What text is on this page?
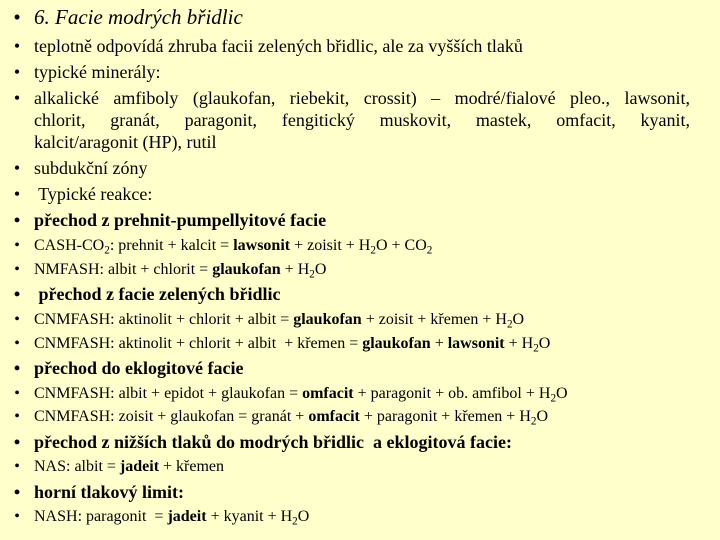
• 6. Facie modrých břidlic
• teplotně odpovídá zhruba facii zelených břidlic, ale za vyšších tlaků
• typické minerály:
• alkalické amfiboly (glaukofan, riebekit, crossit) – modré/fialové pleo., lawsonit,
chlorit, granát, paragonit, fengitický muskovit, mastek, omfacit, kyanit,
kalcit/aragonit (HP), rutil
• subdukční zóny
• Typické reakce:
• přechod z prehnit-pumpellyitové facie
• CASH-$CO_2$: prehnit + kalcit = lawsonit + zoisit + $H_2O + CO_2$
• NMFASH: albit + chlorit = glaukofan + $H_2O$
• přechod z facie zelených břidlic
• CNMFASH: aktinolit + chlorit + albit = glaukofan + zoisit + křemen + $H_2O$
• CNMFASH: aktinolit + chlorit + albit  + křemen = glaukofan + lawsonit + $H_2O$
• přechod do eklogitové facie
• CNMFASH: albit + epidot + glaukofan = omfacit + paragonit + ob. amfibol + $H_2O$
• CNMFASH: zoisit + glaukofan = granát + omfacit + paragonit + křemen + $H_2O$
• přechod z nižších tlaků do modrých břidlic  a eklogitová facie:
• NAS: albit = jadeit + křemen
• horní tlakový limit:
• NASH: paragonit  = jadeit + kyanit + $H_2O$
